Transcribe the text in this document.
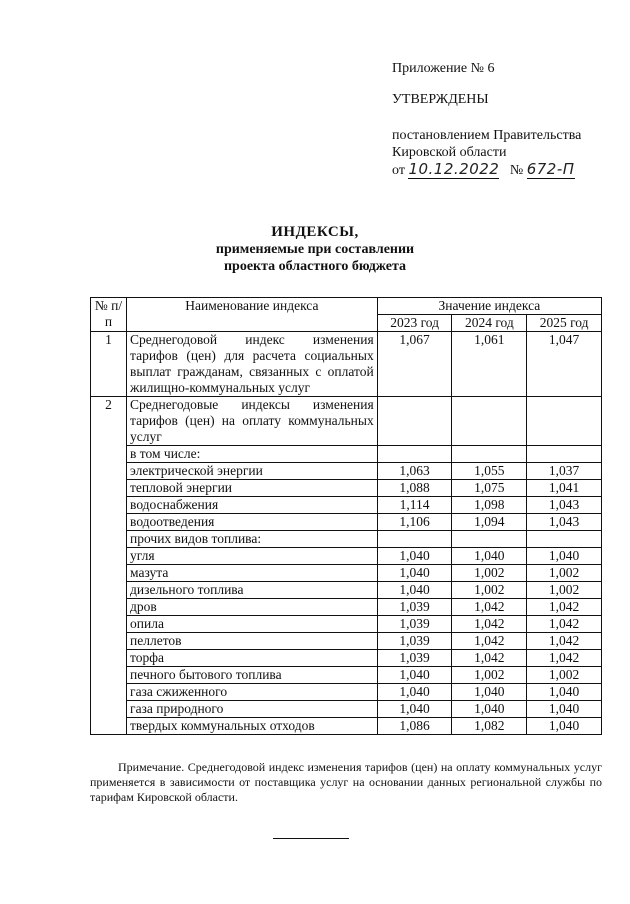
Приложение № 6
УТВЕРЖДЕНЫ
постановлением Правительства
Кировской области
от 10.12.2022 № 672-П
ИНДЕКСЫ,
применяемые при составлении
проекта областного бюджета
№ п/п	Наименование индекса	Значение индекса		
		2023 год	2024 год	2025 год
1	Среднегодовой индекс изменения тарифов (цен) для расчета социальных выплат гражданам, связанных с оплатой жилищно-коммунальных услуг	1,067	1,061	1,047
2	Среднегодовые индексы изменения тарифов (цен) на оплату коммунальных услуг			
	в том числе:			
	электрической энергии	1,063	1,055	1,037
	тепловой энергии	1,088	1,075	1,041
	водоснабжения	1,114	1,098	1,043
	водоотведения	1,106	1,094	1,043
	прочих видов топлива:			
	угля	1,040	1,040	1,040
	мазута	1,040	1,002	1,002
	дизельного топлива	1,040	1,002	1,002
	дров	1,039	1,042	1,042
	опила	1,039	1,042	1,042
	пеллетов	1,039	1,042	1,042
	торфа	1,039	1,042	1,042
	печного бытового топлива	1,040	1,002	1,002
	газа сжиженного	1,040	1,040	1,040
	газа природного	1,040	1,040	1,040
	твердых коммунальных отходов	1,086	1,082	1,040

Примечание. Среднегодовой индекс изменения тарифов (цен) на оплату коммунальных услуг применяется в зависимости от поставщика услуг на основании данных региональной службы по тарифам Кировской области.
